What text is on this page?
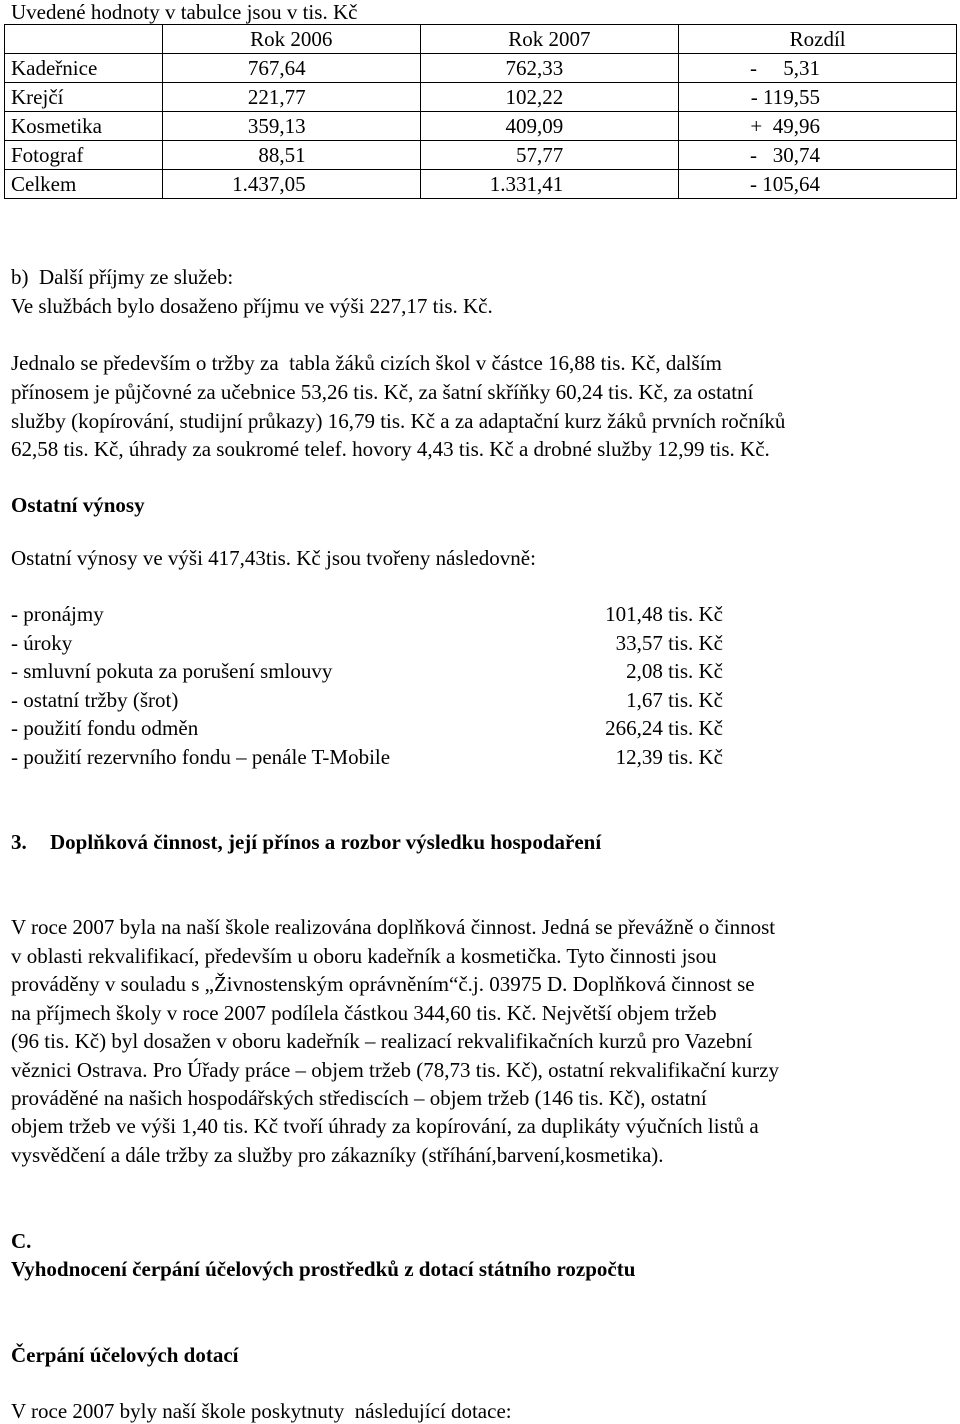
Uvedené hodnoty v tabulce jsou v tis. Kč
	Rok 2006	Rok 2007	Rozdíl
Kadeřnice	767,64	762,33	-     5,31
Krejčí	221,77	102,22	- 119,55
Kosmetika	359,13	409,09	+  49,96
Fotograf	88,51	57,77	-   30,74
Celkem	1.437,05	1.331,41	- 105,64
b)  Další příjmy ze služeb:
Ve službách bylo dosaženo příjmu ve výši 227,17 tis. Kč.
Jednalo se především o tržby za  tabla žáků cizích škol v částce 16,88 tis. Kč, dalším
přínosem je půjčovné za učebnice 53,26 tis. Kč, za šatní skříňky 60,24 tis. Kč, za ostatní
služby (kopírování, studijní průkazy) 16,79 tis. Kč a za adaptační kurz žáků prvních ročníků
62,58 tis. Kč, úhrady za soukromé telef. hovory 4,43 tis. Kč a drobné služby 12,99 tis. Kč.
Ostatní výnosy
Ostatní výnosy ve výši 417,43tis. Kč jsou tvořeny následovně:
- pronájmy	101,48 tis. Kč
- úroky	33,57 tis. Kč
- smluvní pokuta za porušení smlouvy	2,08 tis. Kč
- ostatní tržby (šrot)	1,67 tis. Kč
- použití fondu odměn	266,24 tis. Kč
- použití rezervního fondu – penále T-Mobile	12,39 tis. Kč
3. Doplňková činnost, její přínos a rozbor výsledku hospodaření
V roce 2007 byla na naší škole realizována doplňková činnost. Jedná se převážně o činnost
v oblasti rekvalifikací, především u oboru kadeřník a kosmetička. Tyto činnosti jsou
prováděny v souladu s „Živnostenským oprávněním“č.j. 03975 D. Doplňková činnost se
na příjmech školy v roce 2007 podílela částkou 344,60 tis. Kč. Největší objem tržeb
(96 tis. Kč) byl dosažen v oboru kadeřník – realizací rekvalifikačních kurzů pro Vazební
věznici Ostrava. Pro Úřady práce – objem tržeb (78,73 tis. Kč), ostatní rekvalifikační kurzy
prováděné na našich hospodářských střediscích – objem tržeb (146 tis. Kč), ostatní
objem tržeb ve výši 1,40 tis. Kč tvoří úhrady za kopírování, za duplikáty výučních listů a
vysvědčení a dále tržby za služby pro zákazníky (stříhání,barvení,kosmetika).
C.
Vyhodnocení čerpání účelových prostředků z dotací státního rozpočtu
Čerpání účelových dotací
V roce 2007 byly naší škole poskytnuty  následující dotace:
